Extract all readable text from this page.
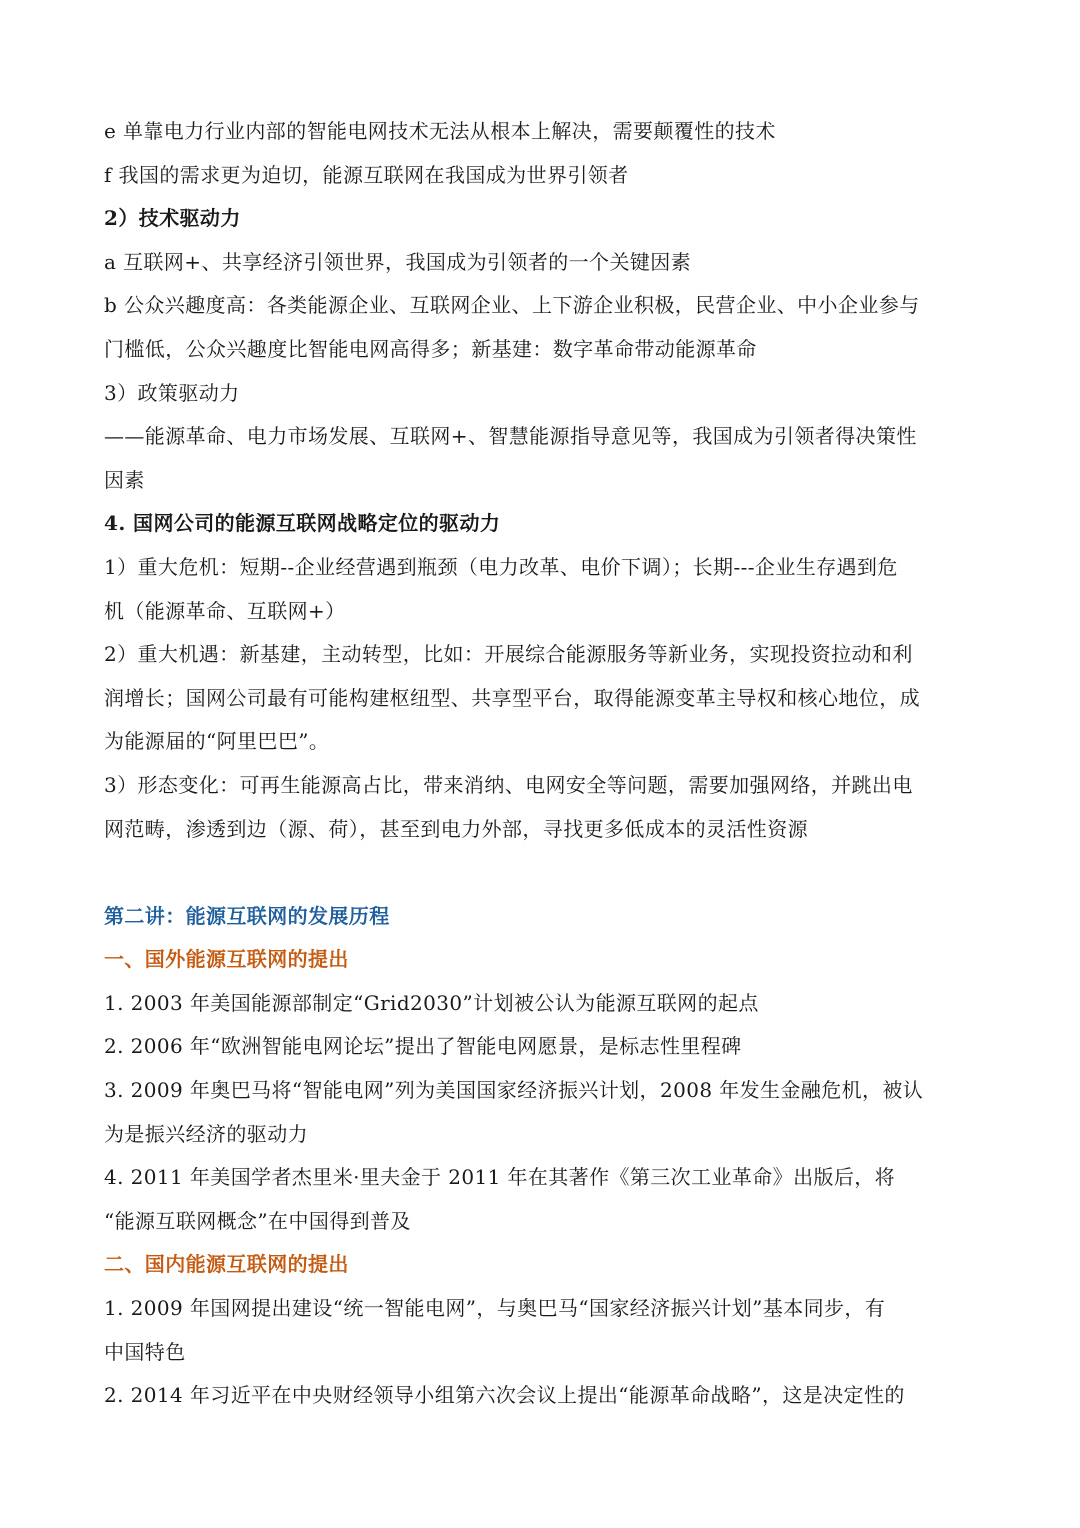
e 单靠电力行业内部的智能电网技术无法从根本上解决，需要颠覆性的技术
f 我国的需求更为迫切，能源互联网在我国成为世界引领者
2）技术驱动力
a 互联网+、共享经济引领世界，我国成为引领者的一个关键因素
b 公众兴趣度高：各类能源企业、互联网企业、上下游企业积极，民营企业、中小企业参与
门槛低，公众兴趣度比智能电网高得多；新基建：数字革命带动能源革命
3）政策驱动力
——能源革命、电力市场发展、互联网+、智慧能源指导意见等，我国成为引领者得决策性
因素
4. 国网公司的能源互联网战略定位的驱动力
1）重大危机：短期--企业经营遇到瓶颈（电力改革、电价下调）；长期---企业生存遇到危
机（能源革命、互联网+）
2）重大机遇：新基建，主动转型，比如：开展综合能源服务等新业务，实现投资拉动和利
润增长；国网公司最有可能构建枢纽型、共享型平台，取得能源变革主导权和核心地位，成
为能源届的“阿里巴巴”。
3）形态变化：可再生能源高占比，带来消纳、电网安全等问题，需要加强网络，并跳出电
网范畴，渗透到边（源、荷），甚至到电力外部，寻找更多低成本的灵活性资源
第二讲：能源互联网的发展历程
一、国外能源互联网的提出
1. 2003 年美国能源部制定“Grid2030”计划被公认为能源互联网的起点
2. 2006 年“欧洲智能电网论坛”提出了智能电网愿景，是标志性里程碑
3. 2009 年奥巴马将“智能电网”列为美国国家经济振兴计划，2008 年发生金融危机，被认
为是振兴经济的驱动力
4. 2011 年美国学者杰里米·里夫金于 2011 年在其著作《第三次工业革命》出版后，将
“能源互联网概念”在中国得到普及
二、国内能源互联网的提出
1. 2009 年国网提出建设“统一智能电网”，与奥巴马“国家经济振兴计划”基本同步，有
中国特色
2. 2014 年习近平在中央财经领导小组第六次会议上提出“能源革命战略”，这是决定性的
